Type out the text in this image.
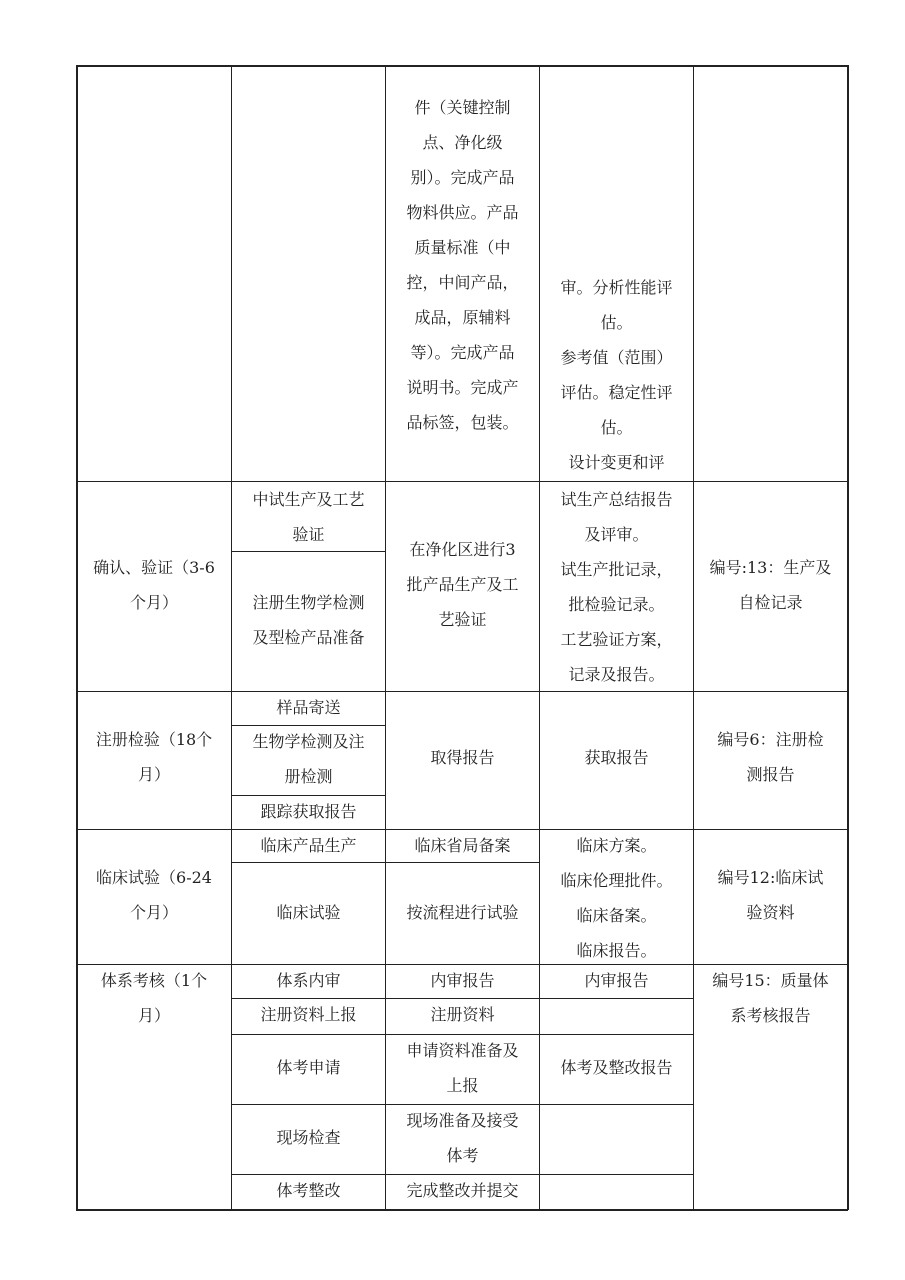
件（关键控制
点、净化级
别）。完成产品
物料供应。产品
质量标准（中
控，中间产品，
成品，原辅料
等）。完成产品
说明书。完成产
品标签，包装。
审。分析性能评
估。
参考值（范围）
评估。稳定性评
估。
设计变更和评

确认、验证（3-6
个月）
中试生产及工艺
验证
注册生物学检测
及型检产品准备
在净化区进行3
批产品生产及工
艺验证
试生产总结报告
及评审。
试生产批记录，
批检验记录。
工艺验证方案，
记录及报告。
编号:13：生产及
自检记录
注册检验（18个
月）
样品寄送
生物学检测及注
册检测
跟踪获取报告
取得报告	获取报告
编号6：注册检
测报告
临床试验（6-24
个月）
临床产品生产
临床试验
临床省局备案
按流程进行试验
临床方案。
临床伦理批件。
临床备案。
临床报告。
编号12:临床试
验资料
体系考核（1个
月）
体系内审
注册资料上报
体考申请
现场检查
体考整改
内审报告
注册资料
申请资料准备及
上报
现场准备及接受
体考
完成整改并提交
内审报告
体考及整改报告
编号15：质量体
系考核报告
